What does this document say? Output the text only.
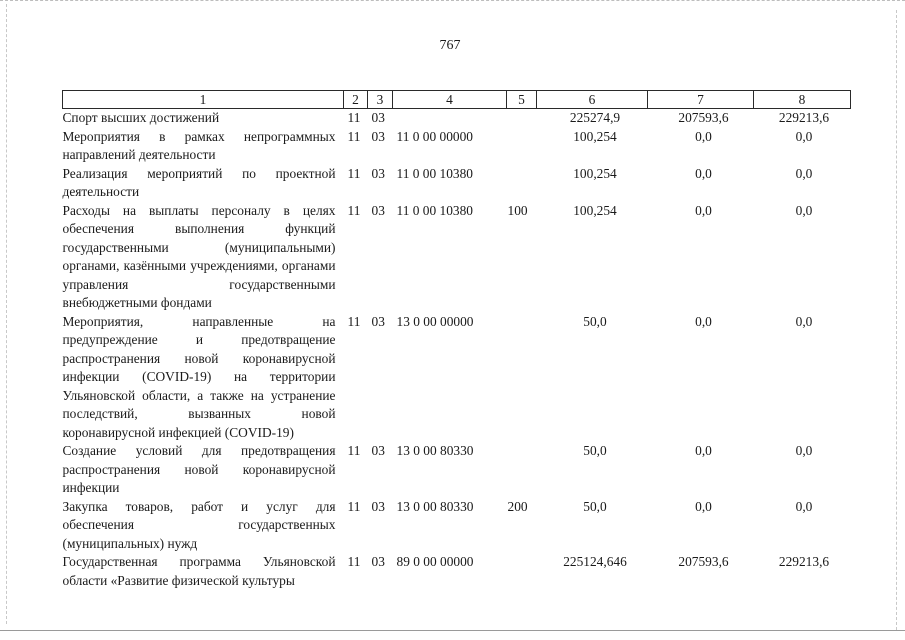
767
1	2	3	4	5	6	7	8
Спорт высших достижений	11	03			225274,9	207593,6	229213,6
Мероприятия в рамках непрограммных направлений деятельности	11	03	11 0 00 00000		100,254	0,0	0,0
Реализация мероприятий по проектной деятельности	11	03	11 0 00 10380		100,254	0,0	0,0
Расходы на выплаты персоналу в целях обеспечения выполнения функций государственными (муниципальными) органами, казёнными учреждениями, органами управления государственными внебюджетными фондами	11	03	11 0 00 10380	100	100,254	0,0	0,0
Мероприятия, направленные на предупреждение и предотвращение распространения новой коронавирусной инфекции (COVID-19) на территории Ульяновской области, а также на устранение последствий, вызванных новой коронавирусной инфекцией (COVID-19)	11	03	13 0 00 00000		50,0	0,0	0,0
Создание условий для предотвращения распространения новой коронавирусной инфекции	11	03	13 0 00 80330		50,0	0,0	0,0
Закупка товаров, работ и услуг для обеспечения государственных (муниципальных) нужд	11	03	13 0 00 80330	200	50,0	0,0	0,0
Государственная программа Ульяновской области «Развитие физической культуры	11	03	89 0 00 00000		225124,646	207593,6	229213,6
